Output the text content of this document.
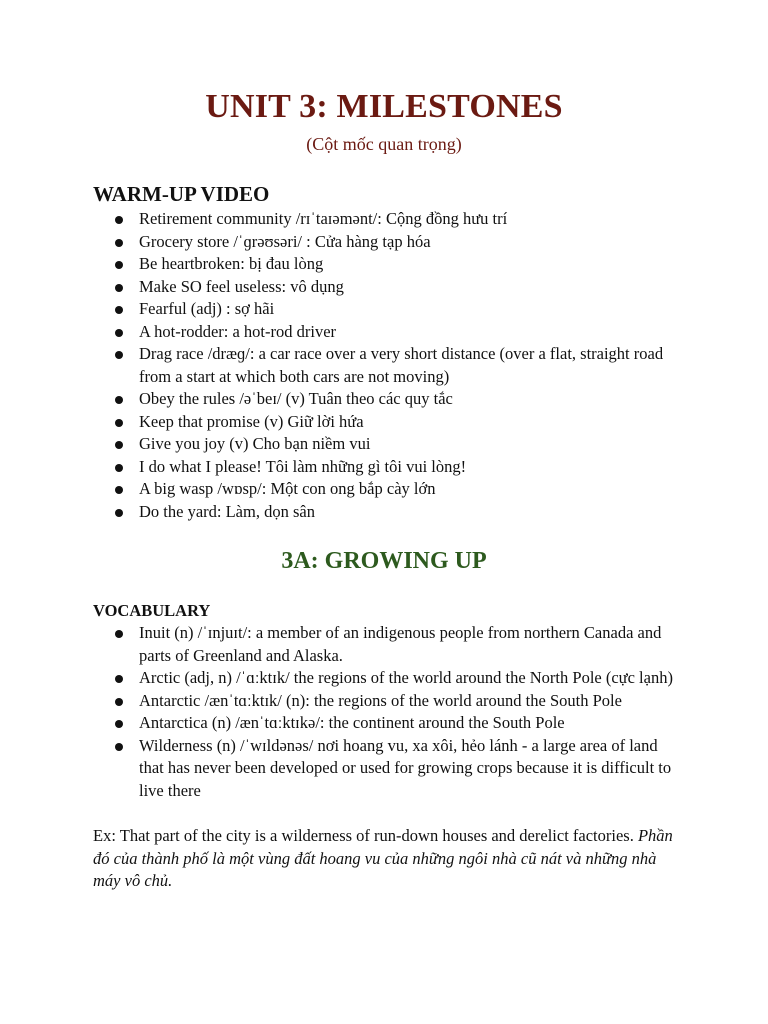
UNIT 3: MILESTONES
(Cột mốc quan trọng)
WARM-UP VIDEO
Retirement community /rɪˈtaɪəmənt/: Cộng đồng hưu trí
Grocery store /ˈɡrəʊsəri/ : Cửa hàng tạp hóa
Be heartbroken: bị đau lòng
Make SO feel useless: vô dụng
Fearful (adj) : sợ hãi
A hot-rodder: a hot-rod driver
Drag race /dræɡ/: a car race over a very short distance (over a flat, straight road from a start at which both cars are not moving)
Obey the rules /əˈbeɪ/ (v) Tuân theo các quy tắc
Keep that promise (v) Giữ lời hứa
Give you joy (v) Cho bạn niềm vui
I do what I please! Tôi làm những gì tôi vui lòng!
A big wasp /wɒsp/: Một con ong bắp cày lớn
Do the yard: Làm, dọn sân
3A: GROWING UP
VOCABULARY
Inuit (n) /ˈɪnjuɪt/: a member of an indigenous people from northern Canada and parts of Greenland and Alaska.
Arctic (adj, n) /ˈɑːktɪk/ the regions of the world around the North Pole (cực lạnh)
Antarctic /ænˈtɑːktɪk/ (n): the regions of the world around the South Pole
Antarctica (n) /ænˈtɑːktɪkə/: the continent around the South Pole
Wilderness (n) /ˈwɪldənəs/ nơi hoang vu, xa xôi, hẻo lánh - a large area of land that has never been developed or used for growing crops because it is difficult to live there
Ex: That part of the city is a wilderness of run-down houses and derelict factories. Phần đó của thành phố là một vùng đất hoang vu của những ngôi nhà cũ nát và những nhà máy vô chủ.
